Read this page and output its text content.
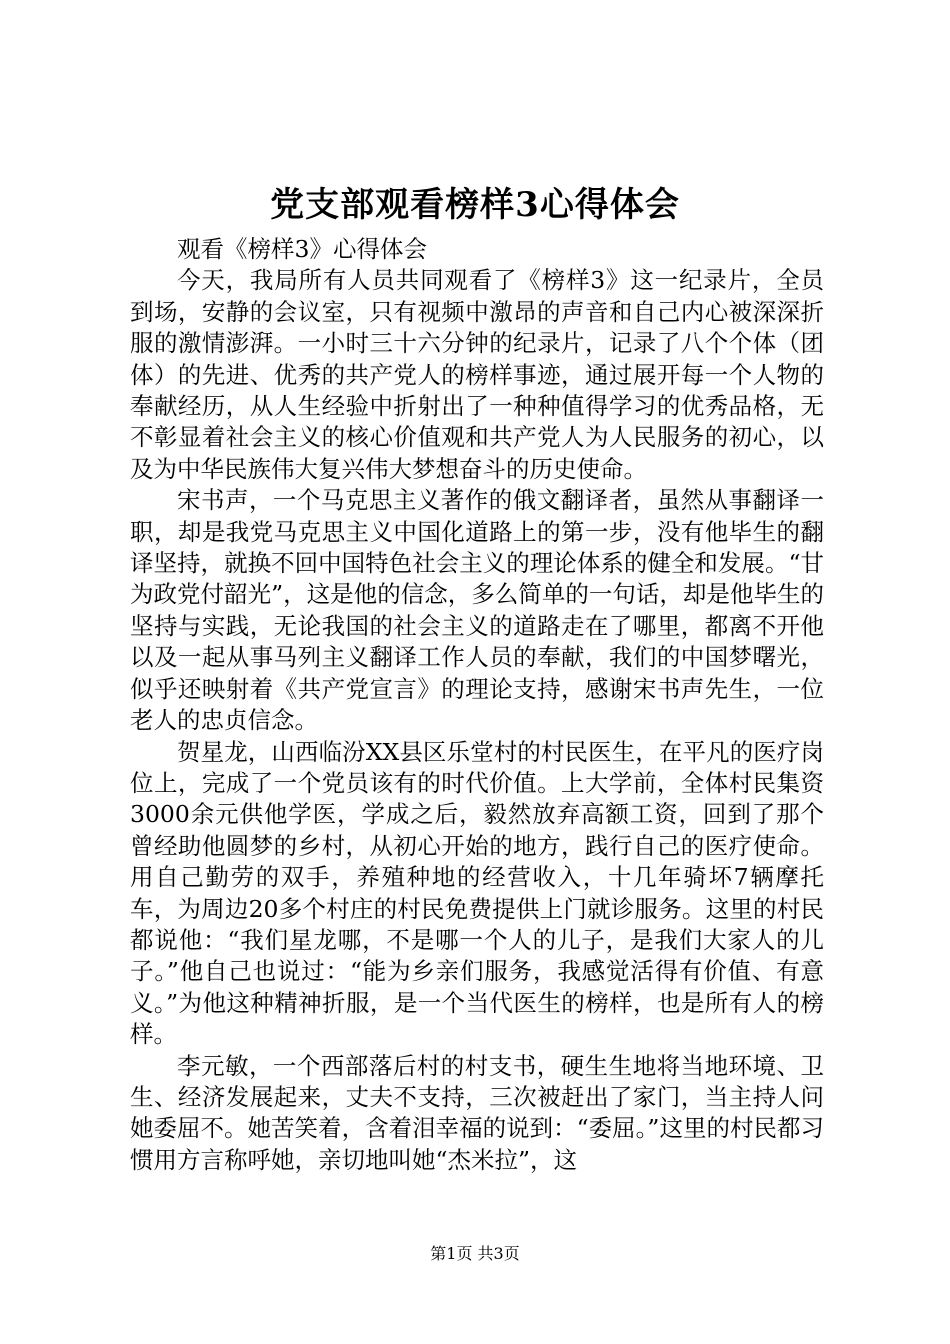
党支部观看榜样3心得体会

观看《榜样3》心得体会

今天，我局所有人员共同观看了《榜样3》这一纪录片，全员到场，安静的会议室，只有视频中激昂的声音和自己内心被深深折服的激情澎湃。一小时三十六分钟的纪录片，记录了八个个体（团体）的先进、优秀的共产党人的榜样事迹，通过展开每一个人物的奉献经历，从人生经验中折射出了一种种值得学习的优秀品格，无不彰显着社会主义的核心价值观和共产党人为人民服务的初心，以及为中华民族伟大复兴伟大梦想奋斗的历史使命。

宋书声，一个马克思主义著作的俄文翻译者，虽然从事翻译一职，却是我党马克思主义中国化道路上的第一步，没有他毕生的翻译坚持，就换不回中国特色社会主义的理论体系的健全和发展。“甘为政党付韶光”，这是他的信念，多么简单的一句话，却是他毕生的坚持与实践，无论我国的社会主义的道路走在了哪里，都离不开他以及一起从事马列主义翻译工作人员的奉献，我们的中国梦曙光，似乎还映射着《共产党宣言》的理论支持，感谢宋书声先生，一位老人的忠贞信念。

贺星龙，山西临汾XX县区乐堂村的村民医生，在平凡的医疗岗位上，完成了一个党员该有的时代价值。上大学前，全体村民集资3000余元供他学医，学成之后，毅然放弃高额工资，回到了那个曾经助他圆梦的乡村，从初心开始的地方，践行自己的医疗使命。用自己勤劳的双手，养殖种地的经营收入，十几年骑坏7辆摩托车，为周边20多个村庄的村民免费提供上门就诊服务。这里的村民都说他：“我们星龙哪，不是哪一个人的儿子，是我们大家人的儿子。”他自己也说过：“能为乡亲们服务，我感觉活得有价值、有意义。”为他这种精神折服，是一个当代医生的榜样，也是所有人的榜样。

李元敏，一个西部落后村的村支书，硬生生地将当地环境、卫生、经济发展起来，丈夫不支持，三次被赶出了家门，当主持人问她委屈不。她苦笑着，含着泪幸福的说到：“委屈。”这里的村民都习惯用方言称呼她，亲切地叫她“杰米拉”，这

第1页 共3页
